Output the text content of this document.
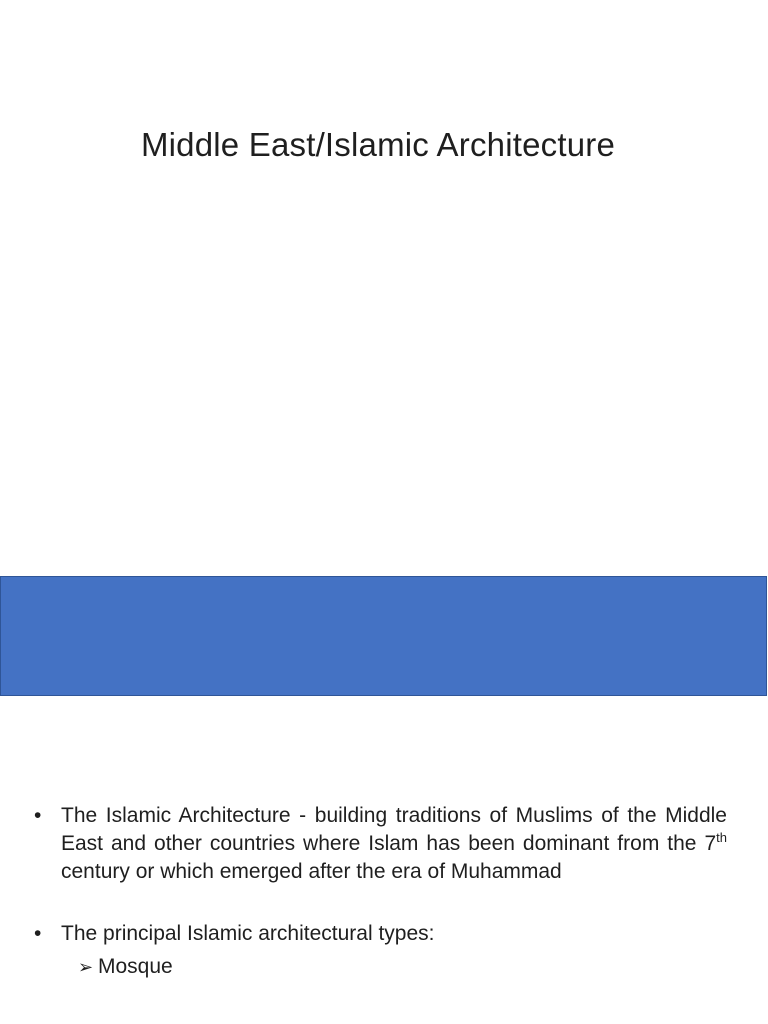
Middle East/Islamic Architecture
• The Islamic Architecture - building traditions of Muslims of the Middle East and other countries where Islam has been dominant from the 7th century or which emerged after the era of Muhammad
• The principal Islamic architectural types:
➢ Mosque
